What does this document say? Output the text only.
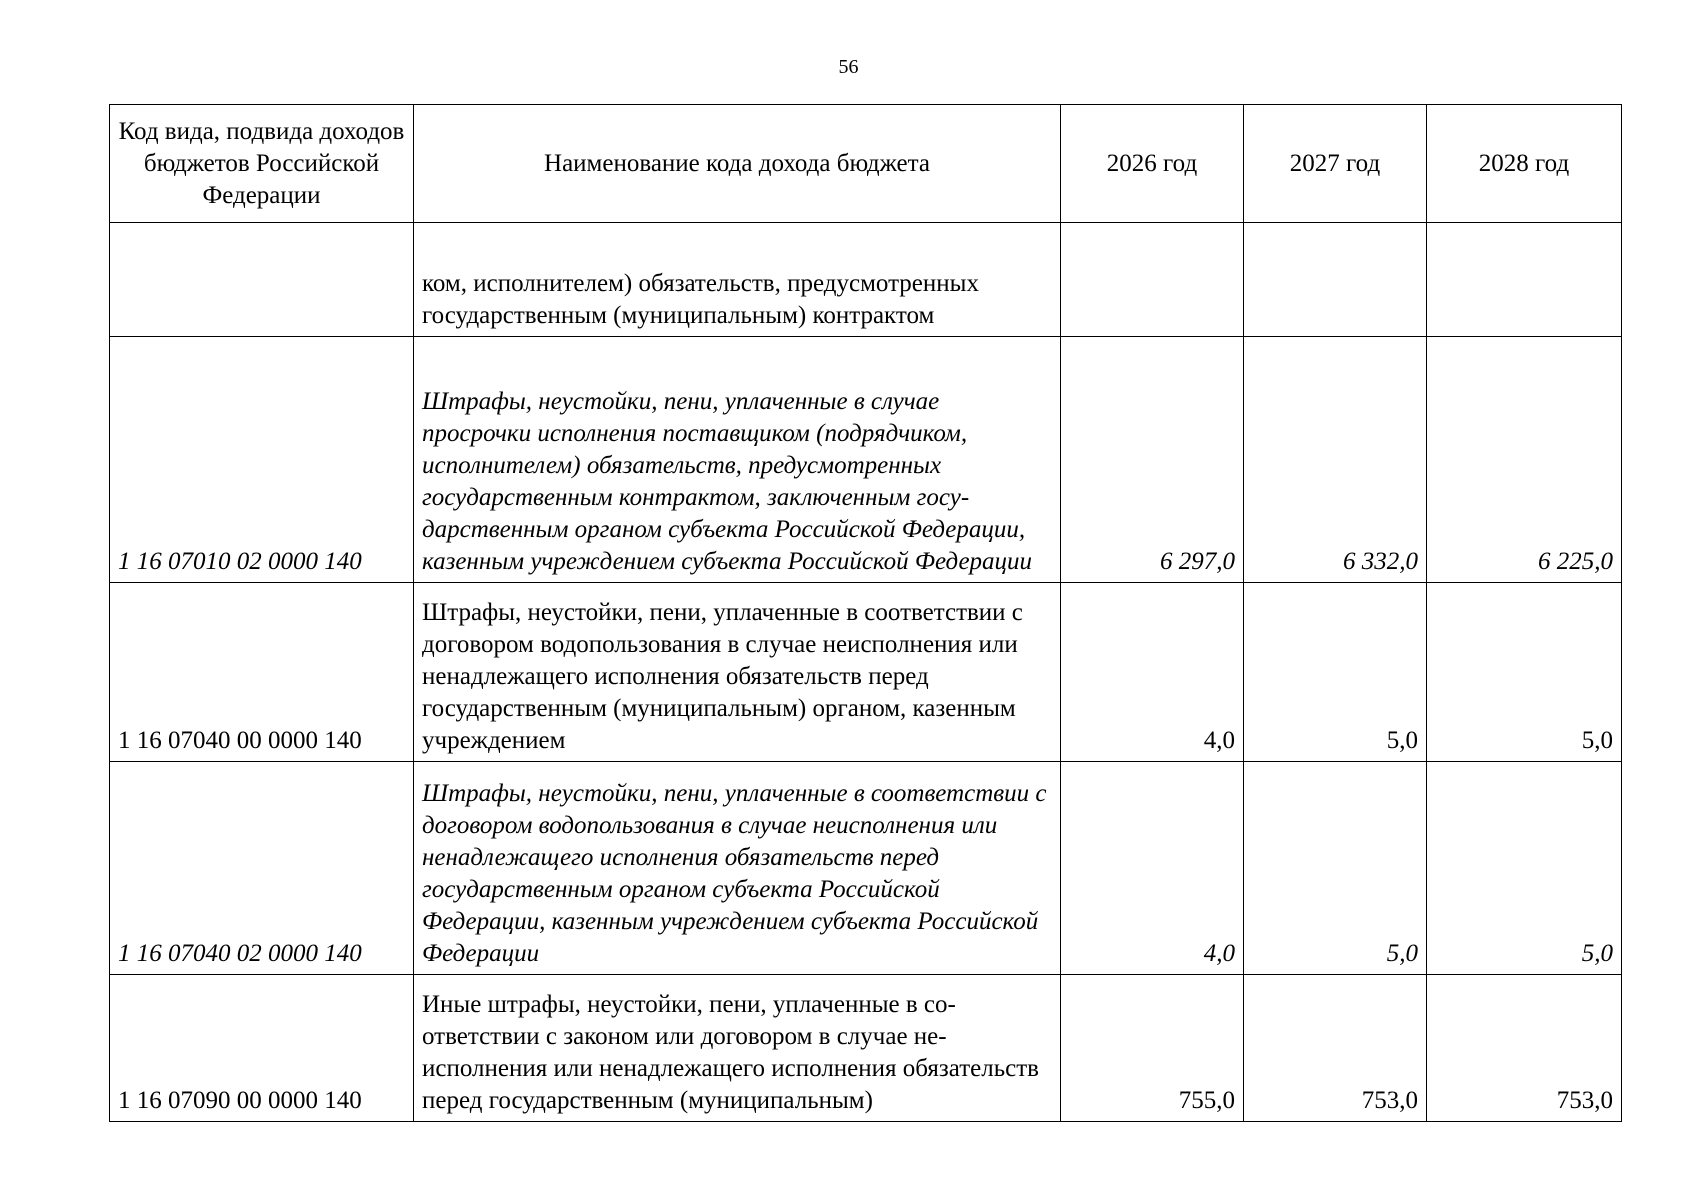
56
Код вида, подвида доходов бюджетов Российской Федерации	Наименование кода дохода бюджета	2026 год	2027 год	2028 год
	ком, исполнителем) обязательств, предусмотренных государственным (муниципальным) контрактом			
1 16 07010 02 0000 140	Штрафы, неустойки, пени, уплаченные в случае просрочки исполнения поставщиком (подрядчиком, исполнителем) обязательств, предусмотренных государственным контрактом, заключенным государственным органом субъекта Российской Федерации, казенным учреждением субъекта Российской Федерации	6 297,0	6 332,0	6 225,0
1 16 07040 00 0000 140	Штрафы, неустойки, пени, уплаченные в соответствии с договором водопользования в случае неисполнения или ненадлежащего исполнения обязательств перед государственным (муниципальным) органом, казенным учреждением	4,0	5,0	5,0
1 16 07040 02 0000 140	Штрафы, неустойки, пени, уплаченные в соответствии с договором водопользования в случае неисполнения или ненадлежащего исполнения обязательств перед государственным органом субъекта Российской Федерации, казенным учреждением субъекта Российской Федерации	4,0	5,0	5,0
1 16 07090 00 0000 140	Иные штрафы, неустойки, пени, уплаченные в соответствии с законом или договором в случае неисполнения или ненадлежащего исполнения обязательств перед государственным (муниципальным)	755,0	753,0	753,0
